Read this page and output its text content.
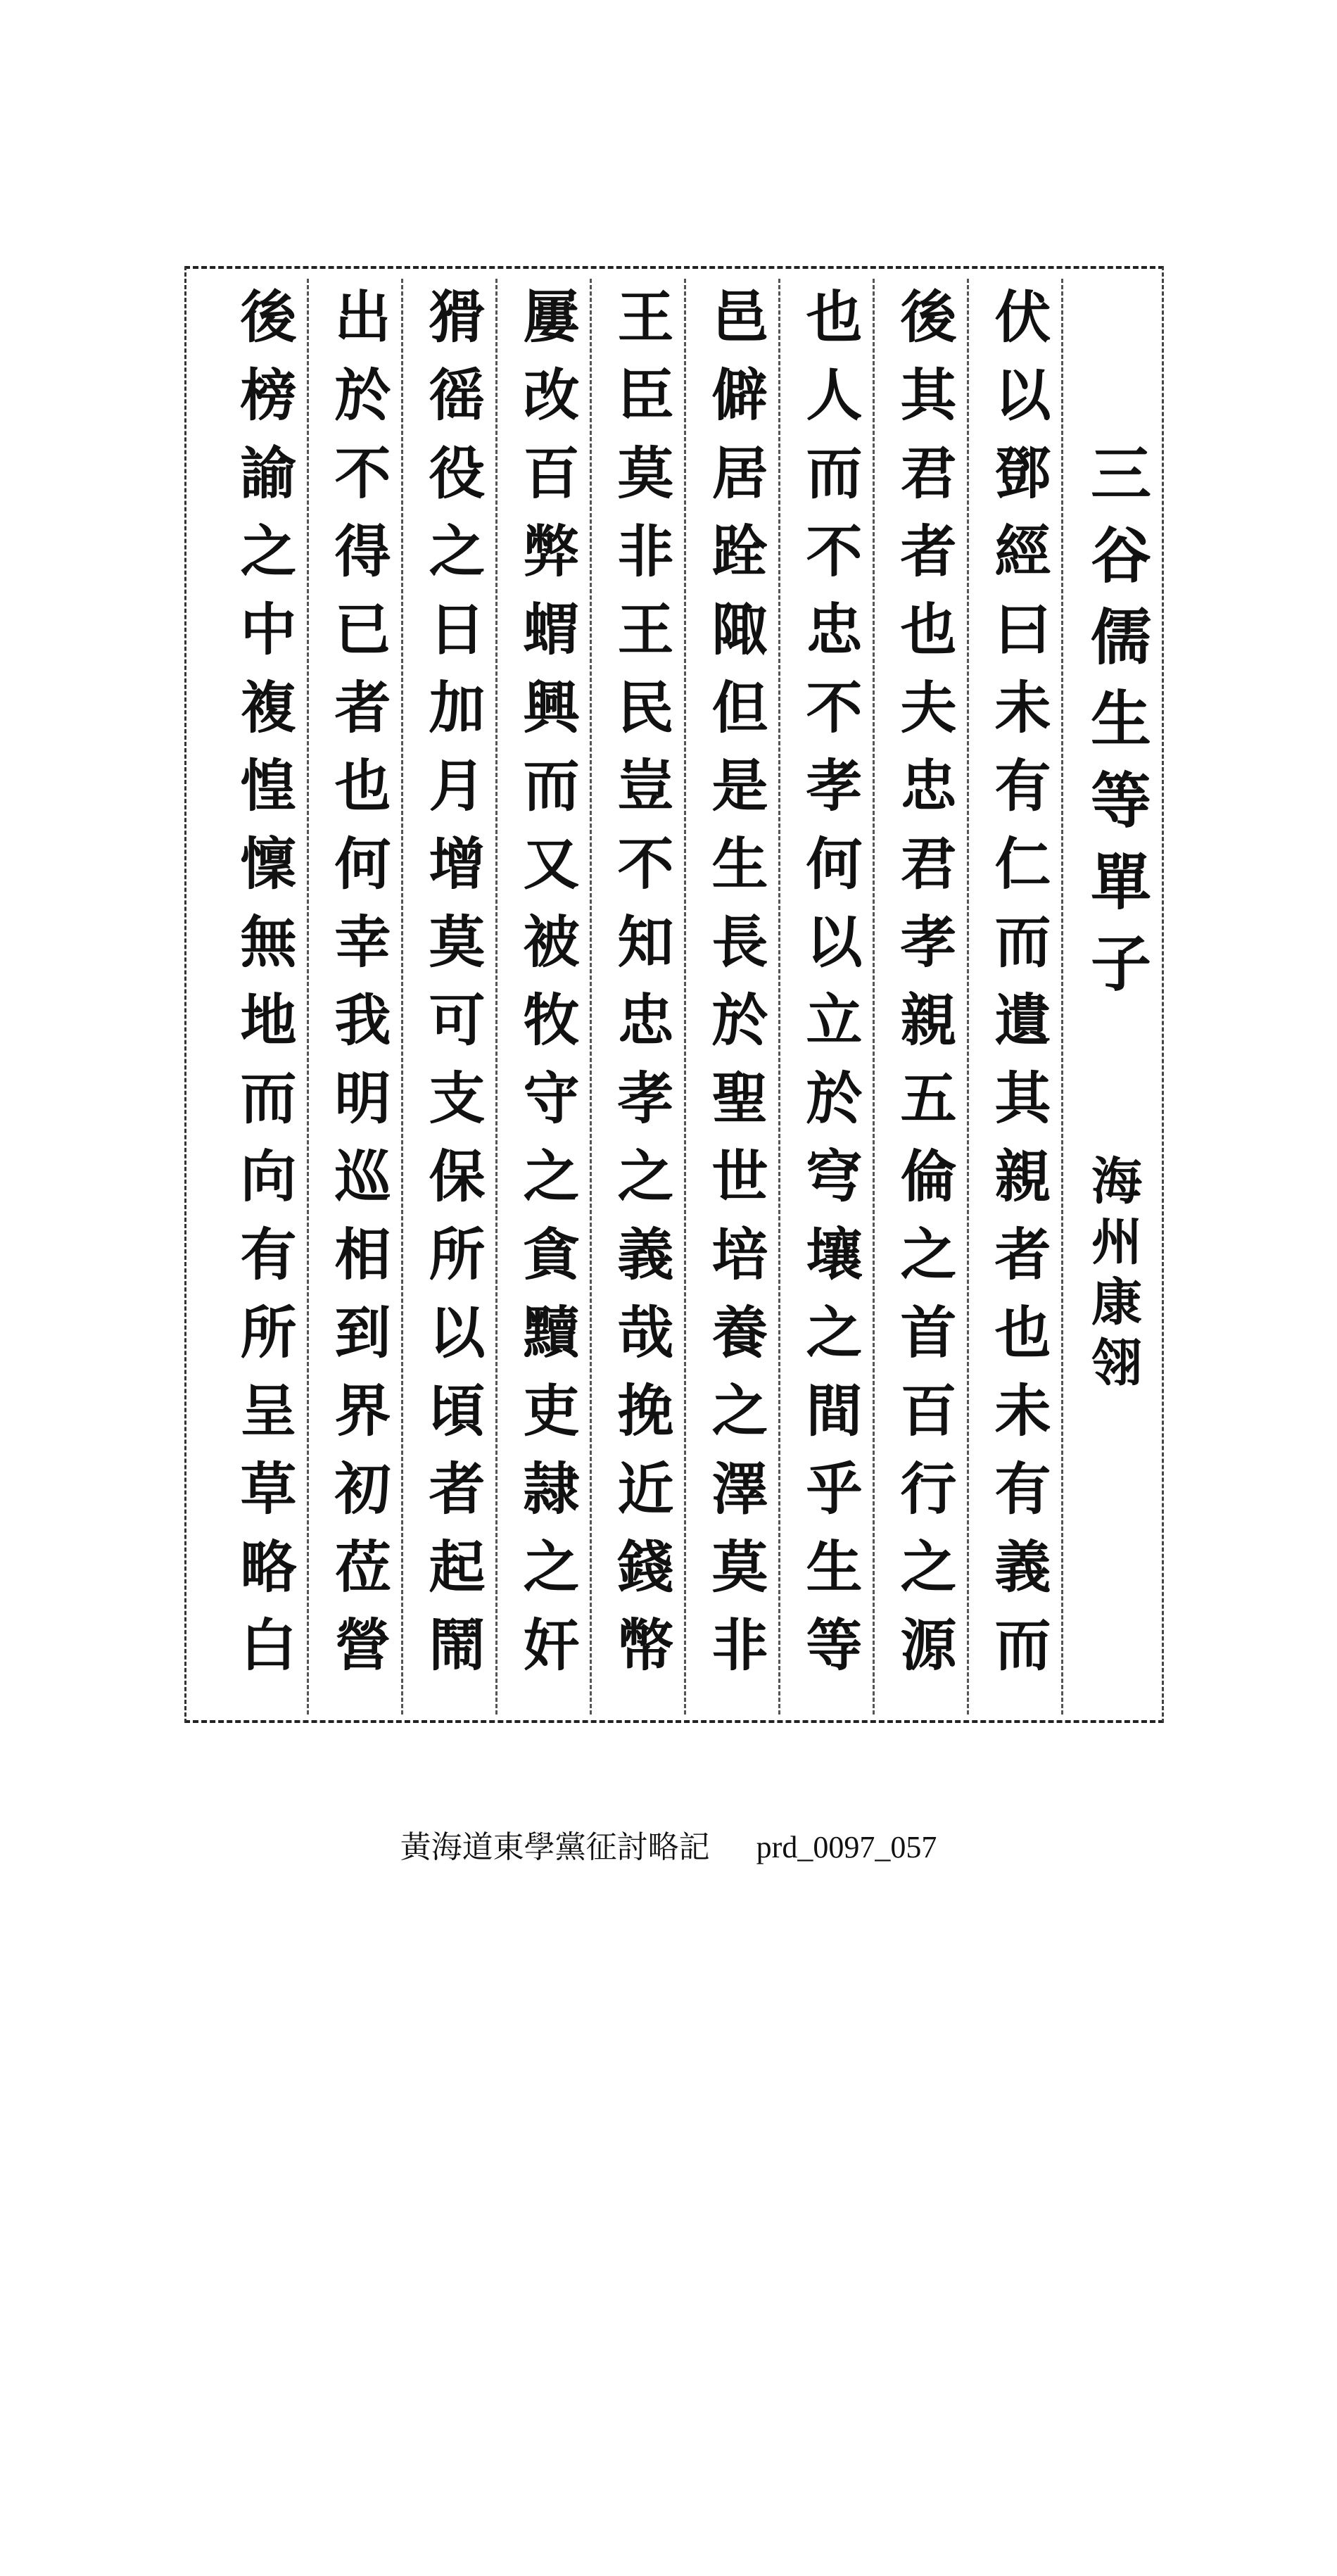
三谷儒生等單子
海州康翎
伏以鄧經曰未有仁而遺其親者也未有義而
後其君者也夫忠君孝親五倫之首百行之源
也人而不忠不孝何以立於穹壤之間乎生等
邑僻居跧陬但是生長於聖世培養之澤莫非
王臣莫非王民豈不知忠孝之義哉挽近錢幣
屢改百弊蝟興而又被牧守之貪黷吏隷之奸
猾徭役之日加月增莫可支保所以頃者起鬧
出於不得已者也何幸我明巡相到界初莅營
後榜諭之中複惶懍無地而向有所呈草略白
黃海道東學黨征討略記 prd_0097_057
